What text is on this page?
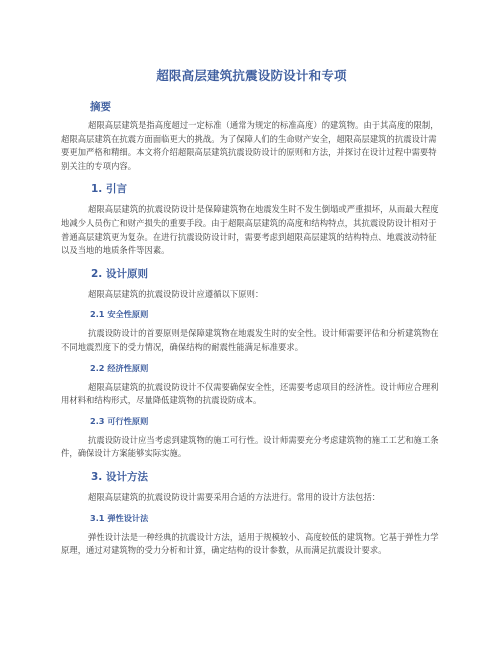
超限高层建筑抗震设防设计和专项
摘要

超限高层建筑是指高度超过一定标准（通常为规定的标准高度）的建筑物。由于其高度的限制，超限高层建筑在抗震方面面临更大的挑战。为了保障人们的生命财产安全，超限高层建筑的抗震设计需要更加严格和精细。本文将介绍超限高层建筑抗震设防设计的原则和方法，并探讨在设计过程中需要特别关注的专项内容。

1. 引言

超限高层建筑的抗震设防设计是保障建筑物在地震发生时不发生倒塌或严重损坏，从而最大程度地减少人员伤亡和财产损失的重要手段。由于超限高层建筑的高度和结构特点，其抗震设防设计相对于普通高层建筑更为复杂。在进行抗震设防设计时，需要考虑到超限高层建筑的结构特点、地震波动特征以及当地的地质条件等因素。

2. 设计原则

超限高层建筑的抗震设防设计应遵循以下原则：

2.1 安全性原则

抗震设防设计的首要原则是保障建筑物在地震发生时的安全性。设计师需要评估和分析建筑物在不同地震烈度下的受力情况，确保结构的耐震性能满足标准要求。

2.2 经济性原则

超限高层建筑的抗震设防设计不仅需要确保安全性，还需要考虑项目的经济性。设计师应合理利用材料和结构形式，尽量降低建筑物的抗震设防成本。

2.3 可行性原则

抗震设防设计应当考虑到建筑物的施工可行性。设计师需要充分考虑建筑物的施工工艺和施工条件，确保设计方案能够实际实施。

3. 设计方法

超限高层建筑的抗震设防设计需要采用合适的方法进行。常用的设计方法包括：

3.1 弹性设计法

弹性设计法是一种经典的抗震设计方法，适用于规模较小、高度较低的建筑物。它基于弹性力学原理，通过对建筑物的受力分析和计算，确定结构的设计参数，从而满足抗震设计要求。
